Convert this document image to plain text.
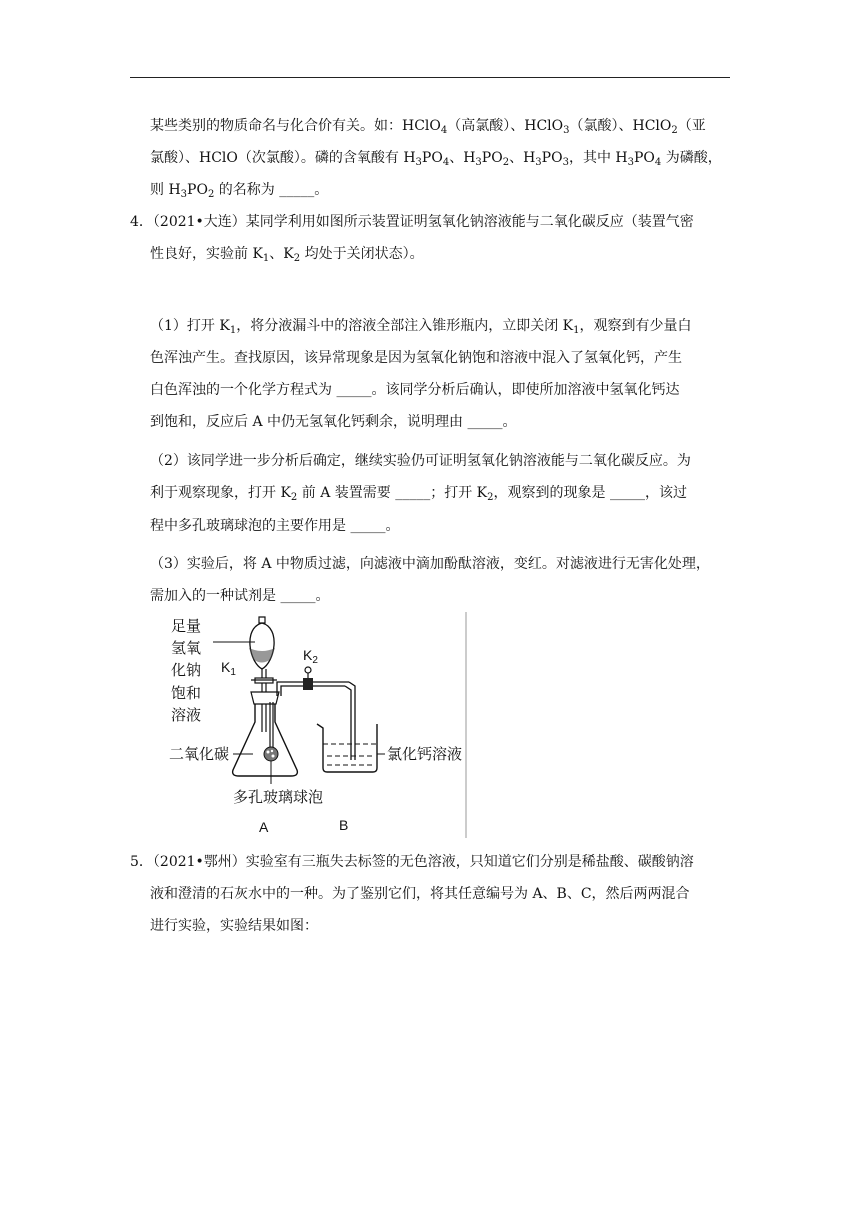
某些类别的物质命名与化合价有关。如：HClO$_4$（高氯酸）、HClO$_3$（氯酸）、HClO$_2$（亚
氯酸）、HClO（次氯酸）。磷的含氧酸有 $H_3PO_4$、$H_3PO_2$、$H_3PO_3$，其中 $H_3PO_4$ 为磷酸，
则 $H_3PO_2$ 的名称为 _____。
4．（2021•大连）某同学利用如图所示装置证明氢氧化钠溶液能与二氧化碳反应（装置气密
性良好，实验前 $K_1$、$K_2$ 均处于关闭状态）。
（1）打开 $K_1$，将分液漏斗中的溶液全部注入锥形瓶内，立即关闭 $K_1$，观察到有少量白
色浑浊产生。查找原因，该异常现象是因为氢氧化钠饱和溶液中混入了氢氧化钙，产生
白色浑浊的一个化学方程式为 _____。该同学分析后确认，即使所加溶液中氢氧化钙达
到饱和，反应后 A 中仍无氢氧化钙剩余，说明理由 _____。
（2）该同学进一步分析后确定，继续实验仍可证明氢氧化钠溶液能与二氧化碳反应。为
利于观察现象，打开 $K_2$ 前 A 装置需要 _____；打开 $K_2$，观察到的现象是 _____，该过
程中多孔玻璃球泡的主要作用是 _____。
（3）实验后，将 A 中物质过滤，向滤液中滴加酚酞溶液，变红。对滤液进行无害化处理，
需加入的一种试剂是 _____。
足量
氢氧
化钠
饱和
溶液
$K_1$
$K_2$
二氧化碳	氯化钙溶液
多孔玻璃球泡
A	B
5．（2021•鄂州）实验室有三瓶失去标签的无色溶液，只知道它们分别是稀盐酸、碳酸钠溶
液和澄清的石灰水中的一种。为了鉴别它们，将其任意编号为 A、B、C，然后两两混合
进行实验，实验结果如图：
